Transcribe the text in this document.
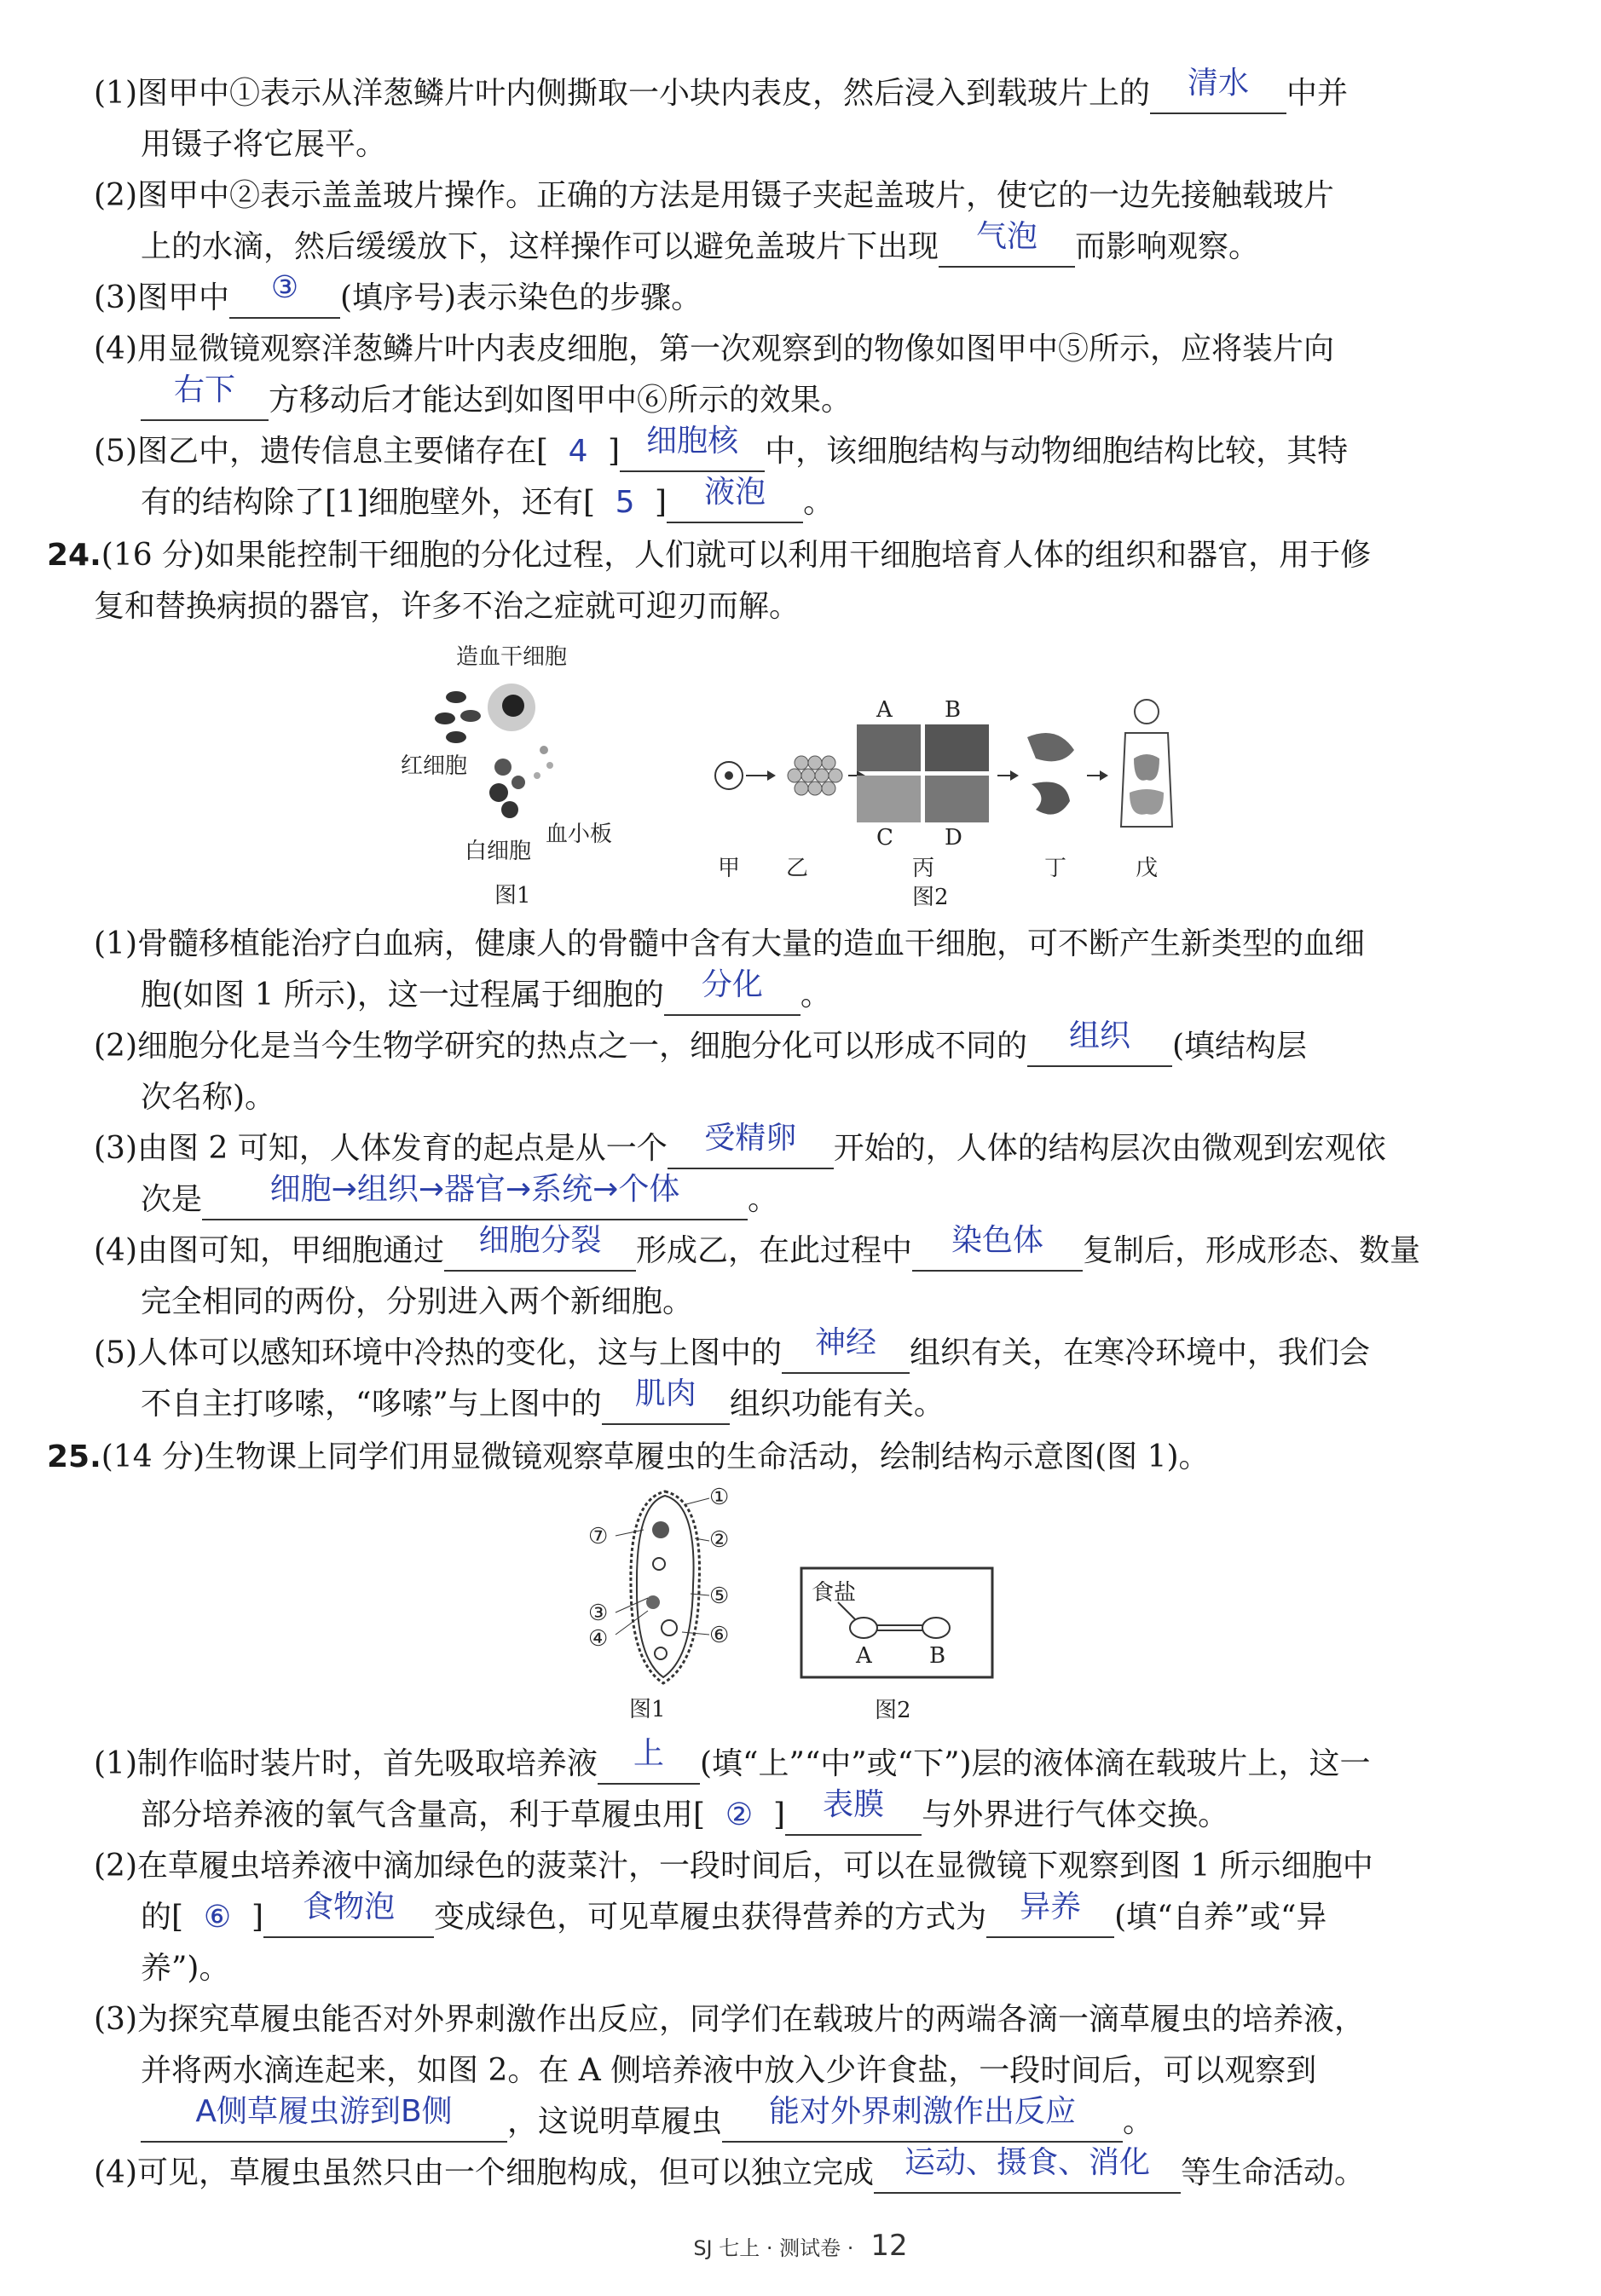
(1)图甲中①表示从洋葱鳞片叶内侧撕取一小块内表皮，然后浸入到载玻片上的 清水 中并
用镊子将它展平。
(2)图甲中②表示盖盖玻片操作。正确的方法是用镊子夹起盖玻片，使它的一边先接触载玻片
上的水滴，然后缓缓放下，这样操作可以避免盖玻片下出现 气泡 而影响观察。
(3)图甲中 ③ (填序号)表示染色的步骤。
(4)用显微镜观察洋葱鳞片叶内表皮细胞，第一次观察到的物像如图甲中⑤所示，应将装片向
右下 方移动后才能达到如图甲中⑥所示的效果。
(5)图乙中，遗传信息主要储存在[ 4 ] 细胞核 中，该细胞结构与动物细胞结构比较，其特
有的结构除了[1]细胞壁外，还有[ 5 ] 液泡 。
24.(16 分)如果能控制干细胞的分化过程，人们就可以利用干细胞培育人体的组织和器官，用于修
复和替换病损的器官，许多不治之症就可迎刃而解。
造血干细胞
红细胞
白细胞
血小板
图1
A B
C D
甲 乙	丙	丁	戊
图2
(1)骨髓移植能治疗白血病，健康人的骨髓中含有大量的造血干细胞，可不断产生新类型的血细
胞(如图 1 所示)，这一过程属于细胞的 分化 。
(2)细胞分化是当今生物学研究的热点之一，细胞分化可以形成不同的 组织 (填结构层
次名称)。
(3)由图 2 可知，人体发育的起点是从一个 受精卵 开始的，人体的结构层次由微观到宏观依
次是 细胞→组织→器官→系统→个体 。
(4)由图可知，甲细胞通过 细胞分裂 形成乙，在此过程中 染色体 复制后，形成形态、数量
完全相同的两份，分别进入两个新细胞。
(5)人体可以感知环境中冷热的变化，这与上图中的 神经 组织有关，在寒冷环境中，我们会
不自主打哆嗦，“哆嗦”与上图中的 肌肉 组织功能有关。
25.(14 分)生物课上同学们用显微镜观察草履虫的生命活动，绘制结构示意图(图 1)。
①
②
③
④
⑤
⑥
⑦
图1
食盐
A	B
图2
(1)制作临时装片时，首先吸取培养液 上 (填“上”“中”或“下”)层的液体滴在载玻片上，这一
部分培养液的氧气含量高，利于草履虫用[ ② ] 表膜 与外界进行气体交换。
(2)在草履虫培养液中滴加绿色的菠菜汁，一段时间后，可以在显微镜下观察到图 1 所示细胞中
的[ ⑥ ] 食物泡 变成绿色，可见草履虫获得营养的方式为 异养 (填“自养”或“异
养”)。
(3)为探究草履虫能否对外界刺激作出反应，同学们在载玻片的两端各滴一滴草履虫的培养液，
并将两水滴连起来，如图 2。在 A 侧培养液中放入少许食盐，一段时间后，可以观察到
A侧草履虫游到B侧 ，这说明草履虫 能对外界刺激作出反应 。
(4)可见，草履虫虽然只由一个细胞构成，但可以独立完成 运动、摄食、消化 等生命活动。
SJ 七上 · 测试卷 · 12
